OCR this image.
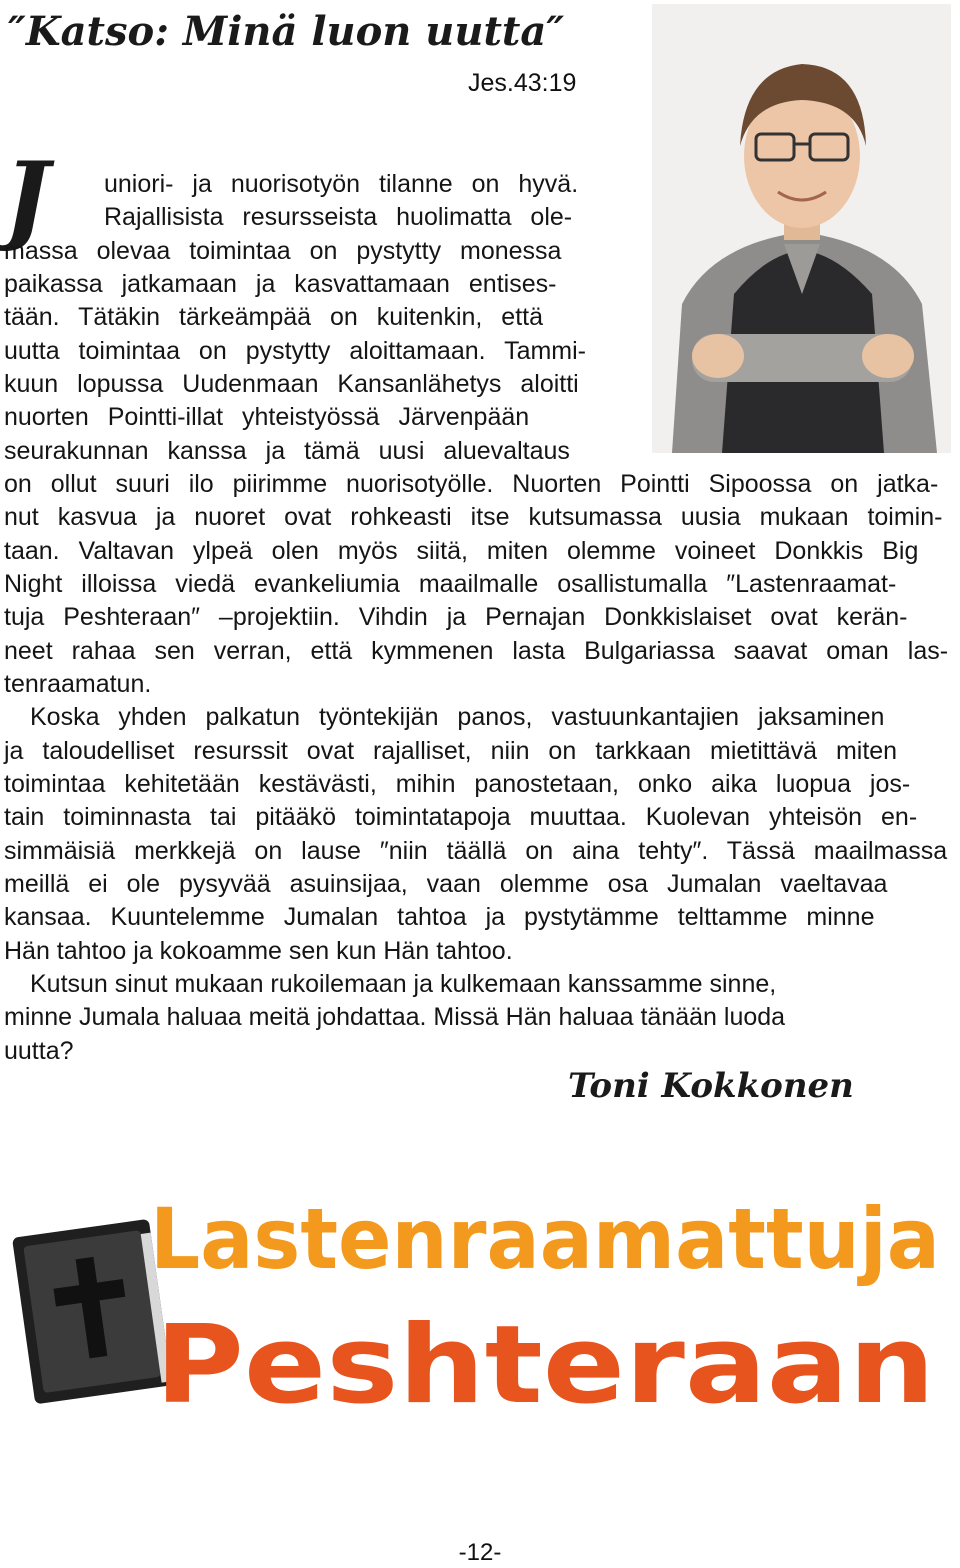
″Katso: Minä luon uutta″
Jes.43:19
J uniori- ja nuorisotyön tilanne on hyvä.
Rajallisista resursseista huolimatta ole-
massa olevaa toimintaa on pystytty monessa
paikassa jatkamaan ja kasvattamaan entises-
tään. Tätäkin tärkeämpää on kuitenkin, että
uutta toimintaa on pystytty aloittamaan. Tammi-
kuun lopussa Uudenmaan Kansanlähetys aloitti
nuorten Pointti-illat yhteistyössä Järvenpään
seurakunnan kanssa ja tämä uusi aluevaltaus
on ollut suuri ilo piirimme nuorisotyölle. Nuorten Pointti Sipoossa on jatka-
nut kasvua ja nuoret ovat rohkeasti itse kutsumassa uusia mukaan toimin-
taan. Valtavan ylpeä olen myös siitä, miten olemme voineet Donkkis Big
Night illoissa viedä evankeliumia maailmalle osallistumalla ″Lastenraamat-
tuja Peshteraan″ –projektiin. Vihdin ja Pernajan Donkkislaiset ovat kerän-
neet rahaa sen verran, että kymmenen lasta Bulgariassa saavat oman las-
tenraamatun.
Koska yhden palkatun työntekijän panos, vastuunkantajien jaksaminen
ja taloudelliset resurssit ovat rajalliset, niin on tarkkaan mietittävä miten
toimintaa kehitetään kestävästi, mihin panostetaan, onko aika luopua jos-
tain toiminnasta tai pitääkö toimintatapoja muuttaa. Kuolevan yhteisön en-
simmäisiä merkkejä on lause ″niin täällä on aina tehty″. Tässä maailmassa
meillä ei ole pysyvää asuinsijaa, vaan olemme osa Jumalan vaeltavaa
kansaa. Kuuntelemme Jumalan tahtoa ja pystytämme telttamme minne
Hän tahtoo ja kokoamme sen kun Hän tahtoo.
Kutsun sinut mukaan rukoilemaan ja kulkemaan kanssamme sinne,
minne Jumala haluaa meitä johdattaa. Missä Hän haluaa tänään luoda
uutta?
Toni Kokkonen
Lastenraamattuja
Peshteraan
-12-
